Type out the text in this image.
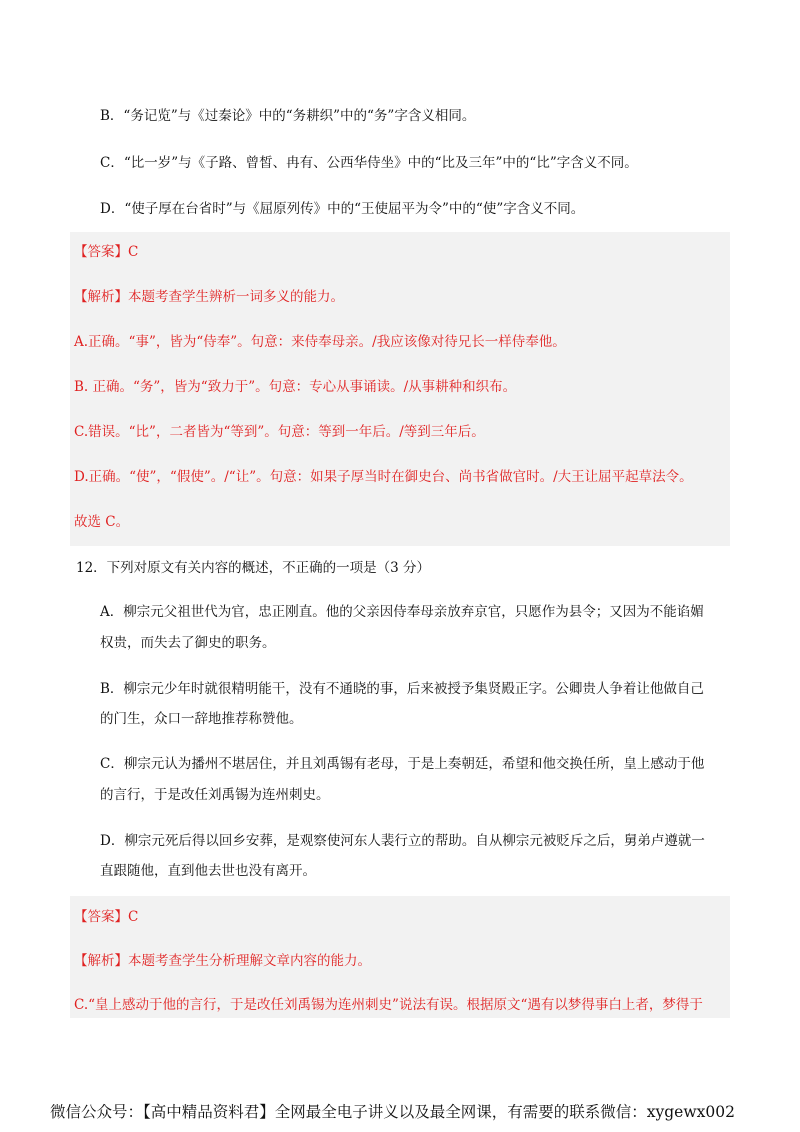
B．“务记览”与《过秦论》中的“务耕织”中的“务”字含义相同。
C．“比一岁”与《子路、曾皙、冉有、公西华侍坐》中的“比及三年”中的“比”字含义不同。
D．“使子厚在台省时”与《屈原列传》中的“王使屈平为令”中的“使”字含义不同。
【答案】C
【解析】本题考查学生辨析一词多义的能力。
A.正确。“事”，皆为“侍奉”。句意：来侍奉母亲。/我应该像对待兄长一样侍奉他。
B. 正确。“务”，皆为“致力于”。句意：专心从事诵读。/从事耕种和织布。
C.错误。“比”，二者皆为“等到”。句意：等到一年后。/等到三年后。
D.正确。“使”，“假使”。/“让”。句意：如果子厚当时在御史台、尚书省做官时。/大王让屈平起草法令。
故选 C。
12．下列对原文有关内容的概述，不正确的一项是（3 分）
A．柳宗元父祖世代为官，忠正刚直。他的父亲因侍奉母亲放弃京官，只愿作为县令；又因为不能谄媚
权贵，而失去了御史的职务。
B．柳宗元少年时就很精明能干，没有不通晓的事，后来被授予集贤殿正字。公卿贵人争着让他做自己
的门生，众口一辞地推荐称赞他。
C．柳宗元认为播州不堪居住，并且刘禹锡有老母，于是上奏朝廷，希望和他交换任所，皇上感动于他
的言行，于是改任刘禹锡为连州刺史。
D．柳宗元死后得以回乡安葬，是观察使河东人裴行立的帮助。自从柳宗元被贬斥之后，舅弟卢遵就一
直跟随他，直到他去世也没有离开。
【答案】C
【解析】本题考查学生分析理解文章内容的能力。
C.“皇上感动于他的言行，于是改任刘禹锡为连州刺史”说法有误。根据原文“遇有以梦得事白上者，梦得于
微信公众号：【高中精品资料君】全网最全电子讲义以及最全网课，有需要的联系微信：xygewx002
